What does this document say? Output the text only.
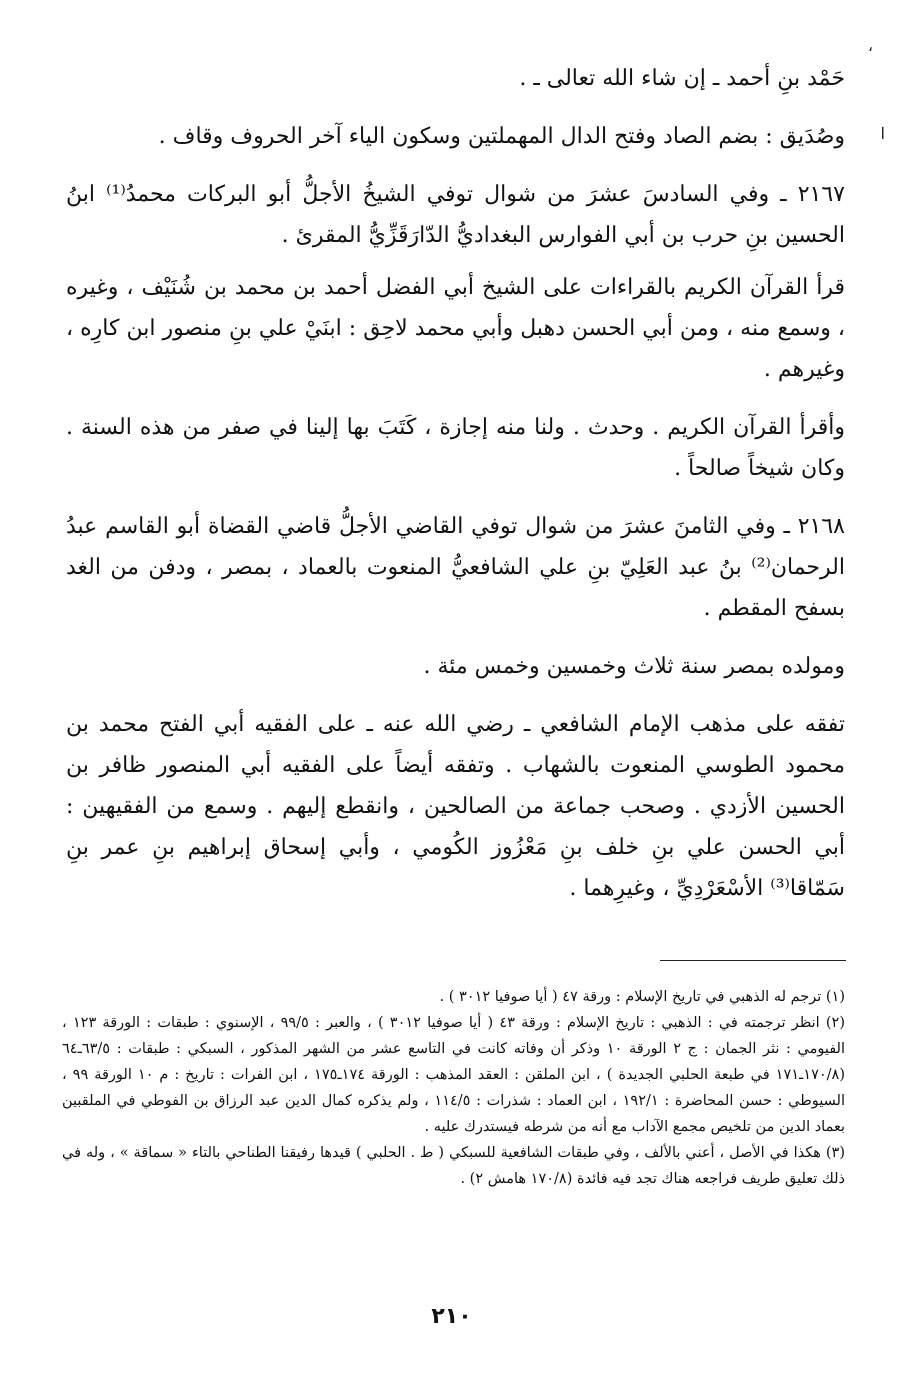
،
ا

حَمْد بنِ أحمد ـ إن شاء الله تعالى ـ .

وصُدَيق : بضم الصاد وفتح الدال المهملتين وسكون الياء آخر الحروف وقاف .

٢١٦٧ ـ وفي السادسَ عشرَ من شوال توفي الشيخُ الأجلُّ أبو البركات محمدُ⁽¹⁾ ابنُ الحسين بنِ حرب بن أبي الفوارس البغداديُّ الدّارَقَزِّيُّ المقرئ .

قرأ القرآن الكريم بالقراءات على الشيخ أبي الفضل أحمد بن محمد بن شُنَيْف ، وغيره ، وسمع منه ، ومن أبي الحسن دهبل وأبي محمد لاحِق : ابنَيْ علي بنِ منصور ابن كارِه ، وغيرهم .

وأقرأ القرآن الكريم . وحدث . ولنا منه إجازة ، كَتَبَ بها إلينا في صفر من هذه السنة . وكان شيخاً صالحاً .

٢١٦٨ ـ وفي الثامنَ عشرَ من شوال توفي القاضي الأجلُّ قاضي القضاة أبو القاسم عبدُ الرحمان⁽²⁾ بنُ عبد العَلِيّ بنِ علي الشافعيُّ المنعوت بالعماد ، بمصر ، ودفن من الغد بسفح المقطم .

ومولده بمصر سنة ثلاث وخمسين وخمس مئة .

تفقه على مذهب الإمام الشافعي ـ رضي الله عنه ـ على الفقيه أبي الفتح محمد بن محمود الطوسي المنعوت بالشهاب . وتفقه أيضاً على الفقيه أبي المنصور ظافر بن الحسين الأزدي . وصحب جماعة من الصالحين ، وانقطع إليهم . وسمع من الفقيهين : أبي الحسن علي بنِ خلف بنِ مَعْزُوز الكُومي ، وأبي إسحاق إبراهيم بنِ عمر بنِ سَمّاقا⁽³⁾ الأسْعَرْدِيِّ ، وغيرِهما .

(١) ترجم له الذهبي في تاريخ الإسلام : ورقة ٤٧ ( أيا صوفيا ٣٠١٢ ) .

(٢) انظر ترجمته في : الذهبي : تاريخ الإسلام : ورقة ٤٣ ( أيا صوفيا ٣٠١٢ ) ، والعبر : ٩٩/٥ ، الإسنوي : طبقات : الورقة ١٢٣ ، الفيومي : نثر الجمان : ج ٢ الورقة ١٠ وذكر أن وفاته كانت في التاسع عشر من الشهر المذكور ، السبكي : طبقات : ٦٣/٥ـ٦٤ (١٧٠/٨ـ١٧١ في طبعة الحلبي الجديدة ) ، ابن الملقن : العقد المذهب : الورقة ١٧٤ـ١٧٥ ، ابن الفرات : تاريخ : م ١٠ الورقة ٩٩ ، السيوطي : حسن المحاضرة : ١٩٢/١ ، ابن العماد : شذرات : ١١٤/٥ ، ولم يذكره كمال الدين عبد الرزاق بن الفوطي في الملقبين بعماد الدين من تلخيص مجمع الآداب مع أنه من شرطه فيستدرك عليه .

(٣) هكذا في الأصل ، أعني بالألف ، وفي طبقات الشافعية للسبكي ( ط . الحلبي ) قيدها رفيقنا الطناحي بالتاء « سماقة » ، وله في ذلك تعليق طريف فراجعه هناك تجد فيه فائدة (١٧٠/٨ هامش ٢) .

٢١٠
